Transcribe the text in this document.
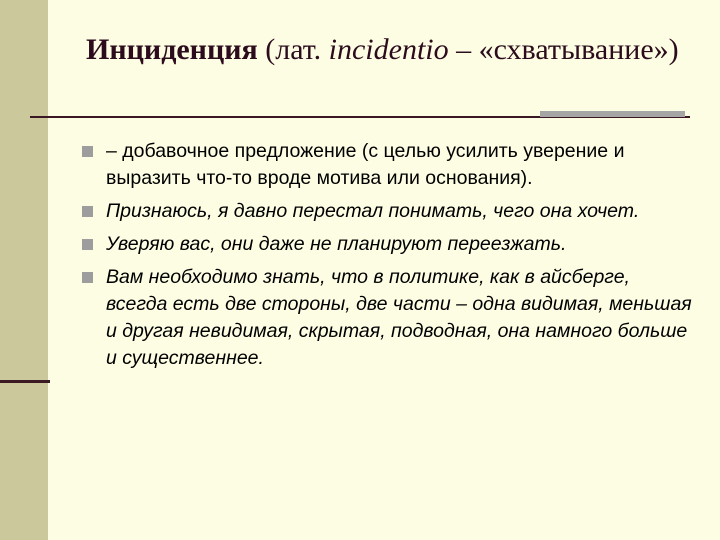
Инциденция (лат. incidentio – «схватывание»)
– добавочное предложение (с целью усилить уверение и выразить что-то вроде мотива или основания).
Признаюсь, я давно перестал понимать, чего она хочет.
Уверяю вас, они даже не планируют переезжать.
Вам необходимо знать, что в политике, как в айсберге, всегда есть две стороны, две части – одна видимая, меньшая и другая невидимая, скрытая, подводная, она намного больше и существеннее.
